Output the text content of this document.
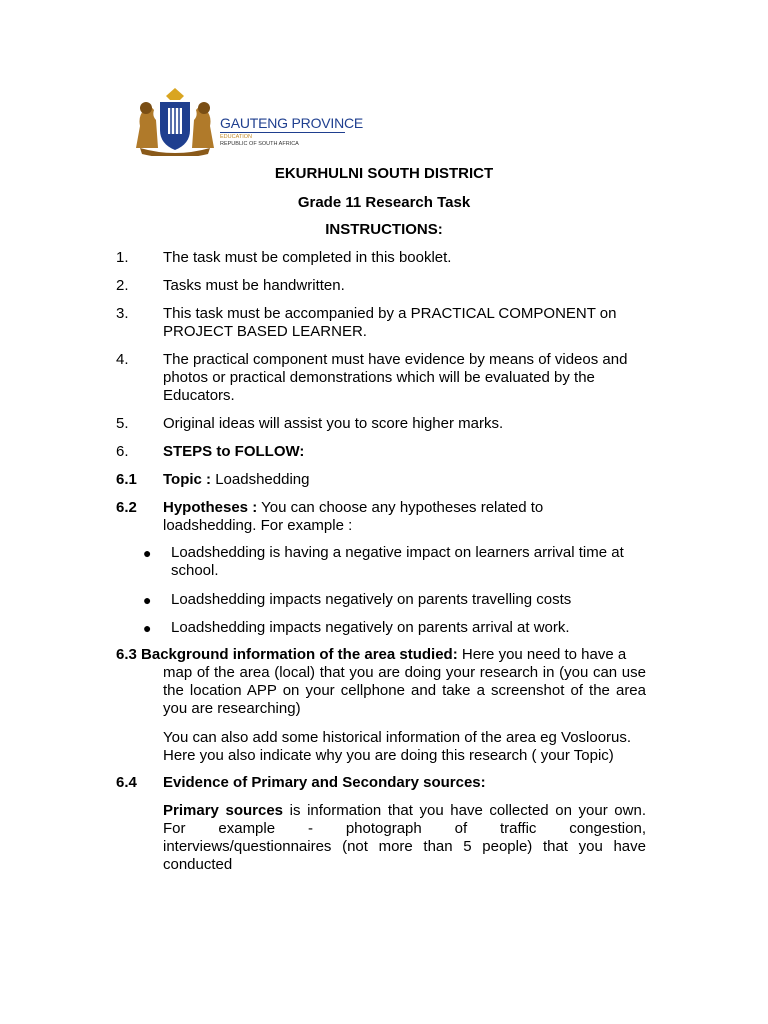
GAUTENG PROVINCE
EDUCATION
REPUBLIC OF SOUTH AFRICA
EKURHULNI SOUTH DISTRICT
Grade 11 Research Task
INSTRUCTIONS:
1. The task must be completed in this booklet.
2. Tasks must be handwritten.
3. This task must be accompanied by a PRACTICAL COMPONENT on PROJECT BASED LEARNER.
4. The practical component must have evidence by means of videos and photos or practical demonstrations which will be evaluated by the Educators.
5. Original ideas will assist you to score higher marks.
6. STEPS to FOLLOW:
6.1 Topic : Loadshedding
6.2 Hypotheses : You can choose any hypotheses related to loadshedding. For example :
● Loadshedding is having a negative impact on learners arrival time at school.
● Loadshedding impacts negatively on parents travelling costs
● Loadshedding impacts negatively on parents arrival at work.
6.3 Background information of the area studied: Here you need to have a
map of the area (local) that you are doing your research in (you can use the location APP on your cellphone and take a screenshot of the area you are researching)
You can also add some historical information of the area eg Vosloorus. Here you also indicate why you are doing this research ( your Topic)
6.4 Evidence of Primary and Secondary sources:
Primary sources is information that you have collected on your own. For example - photograph of traffic congestion, interviews/questionnaires (not more than 5 people) that you have conducted
